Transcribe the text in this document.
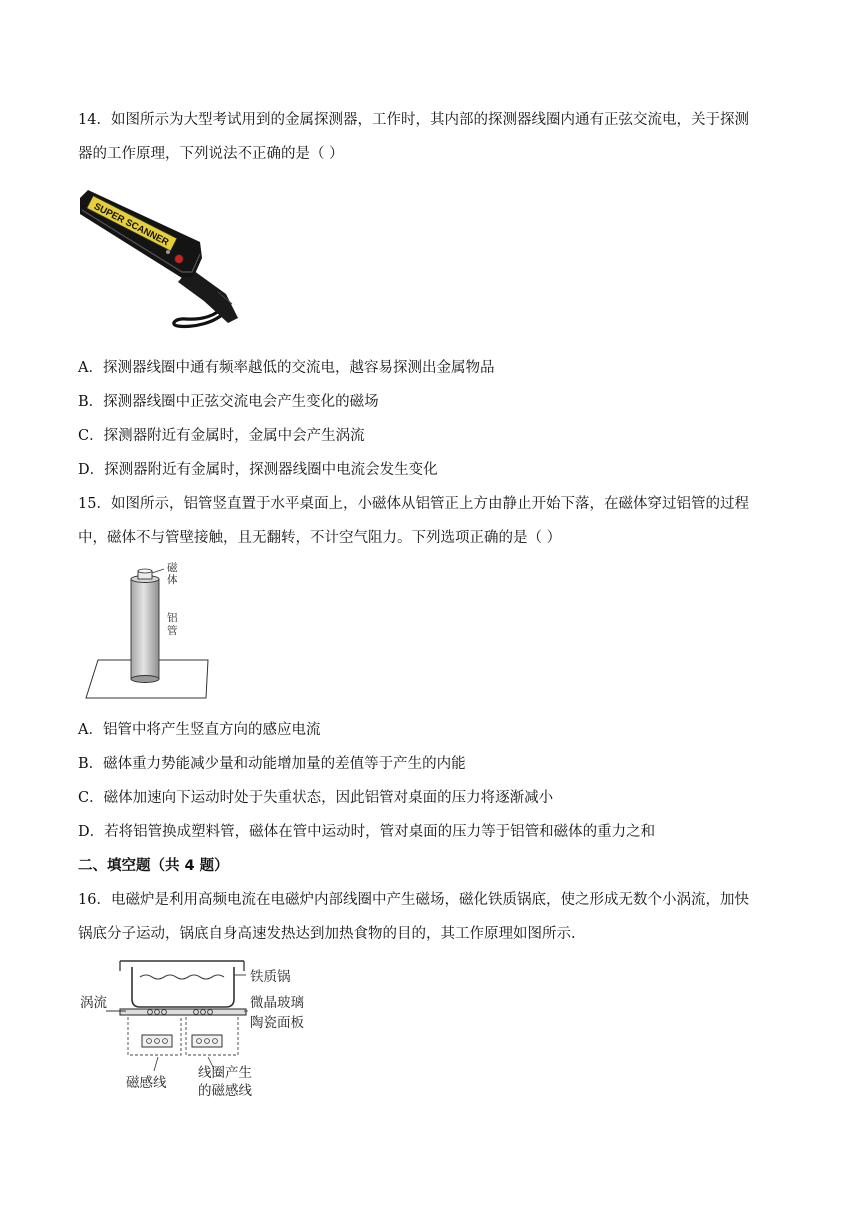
14．如图所示为大型考试用到的金属探测器，工作时，其内部的探测器线圈内通有正弦交流电，关于探测
器的工作原理，下列说法不正确的是（ ）
SUPER SCANNER
A．探测器线圈中通有频率越低的交流电，越容易探测出金属物品
B．探测器线圈中正弦交流电会产生变化的磁场
C．探测器附近有金属时，金属中会产生涡流
D．探测器附近有金属时，探测器线圈中电流会发生变化
15．如图所示，铝管竖直置于水平桌面上，小磁体从铝管正上方由静止开始下落，在磁体穿过铝管的过程
中，磁体不与管壁接触，且无翻转，不计空气阻力。下列选项正确的是（ ）
磁体
铝管
A．铝管中将产生竖直方向的感应电流
B．磁体重力势能减少量和动能增加量的差值等于产生的内能
C．磁体加速向下运动时处于失重状态，因此铝管对桌面的压力将逐渐减小
D．若将铝管换成塑料管，磁体在管中运动时，管对桌面的压力等于铝管和磁体的重力之和
二、填空题（共 4 题）
16．电磁炉是利用高频电流在电磁炉内部线圈中产生磁场，磁化铁质锅底，使之形成无数个小涡流，加快
锅底分子运动，锅底自身高速发热达到加热食物的目的，其工作原理如图所示.
铁质锅
微晶玻璃
陶瓷面板
涡流
磁感线
线圈产生
的磁感线
